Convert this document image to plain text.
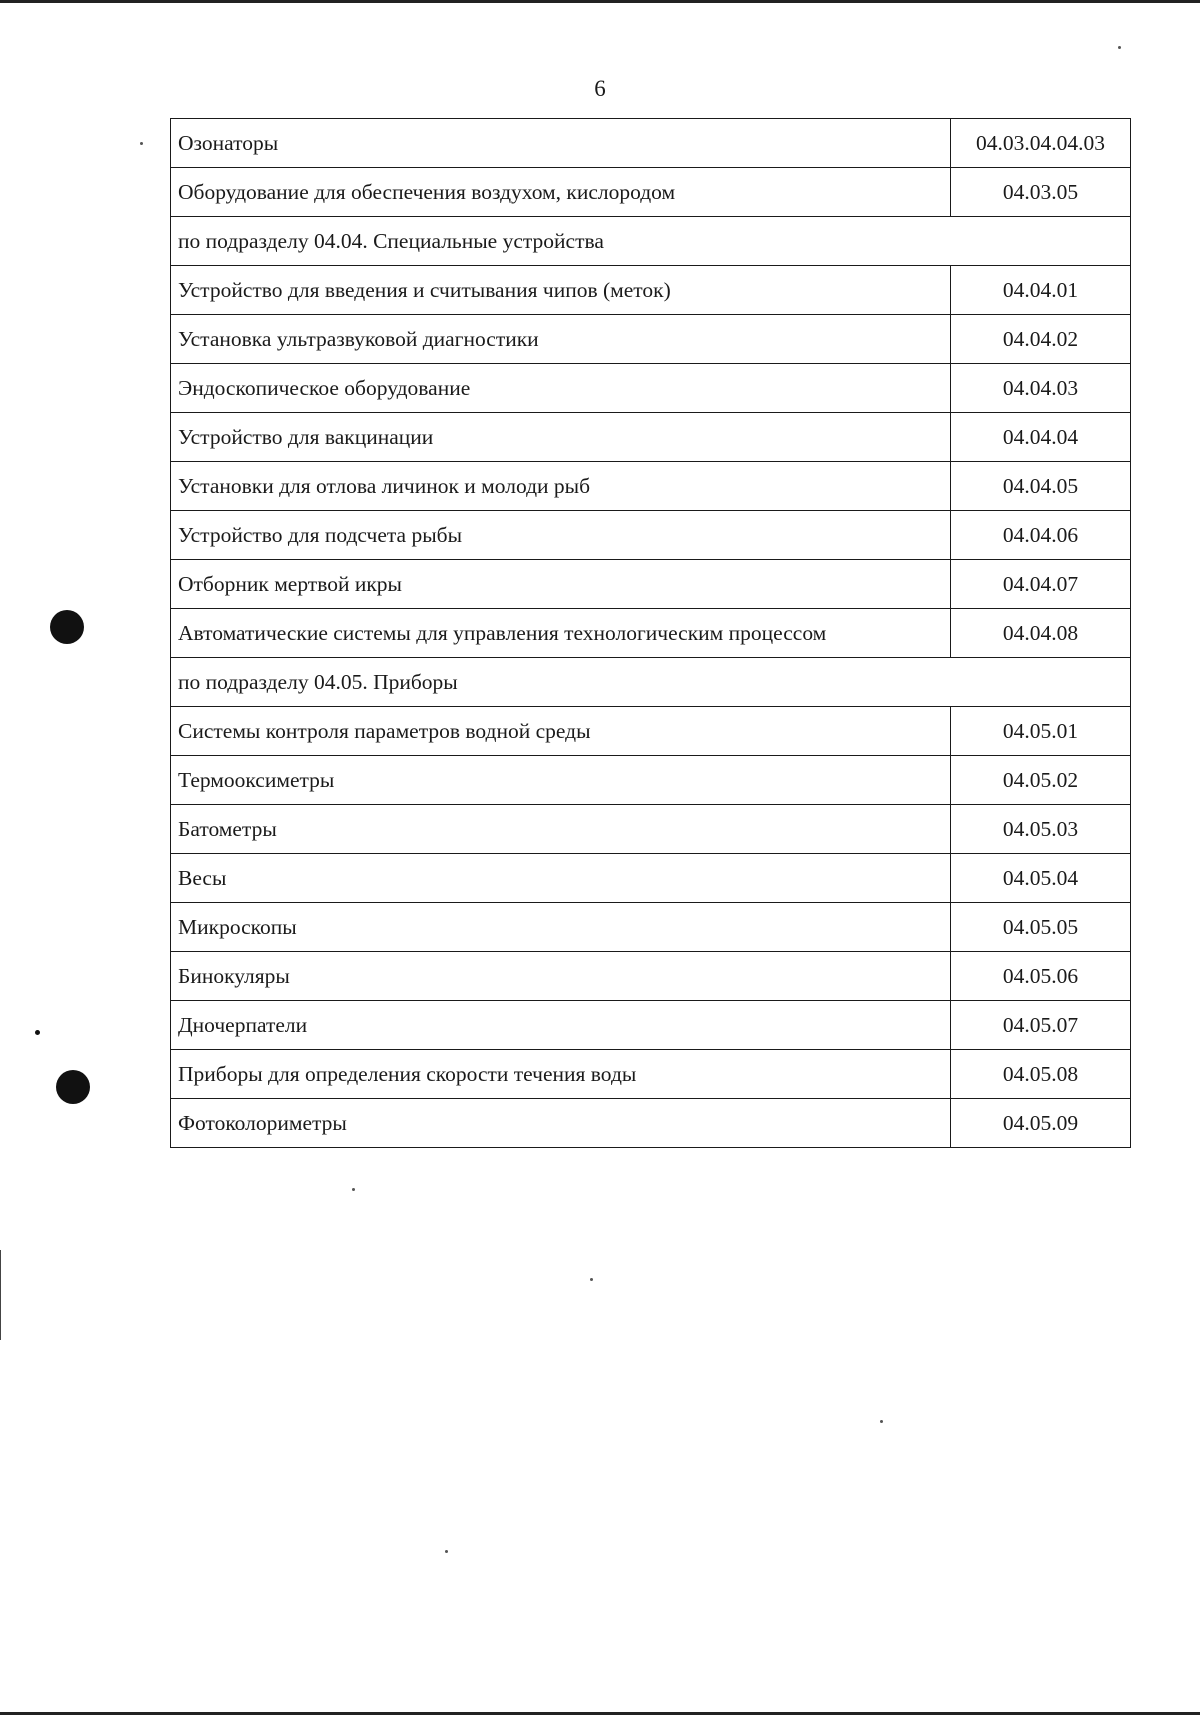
6
Озонаторы	04.03.04.04.03
Оборудование для обеспечения воздухом, кислородом	04.03.05
по подразделу 04.04. Специальные устройства	
Устройство для введения и считывания чипов (меток)	04.04.01
Установка ультразвуковой диагностики	04.04.02
Эндоскопическое оборудование	04.04.03
Устройство для вакцинации	04.04.04
Установки для отлова личинок и молоди рыб	04.04.05
Устройство для подсчета рыбы	04.04.06
Отборник мертвой икры	04.04.07
Автоматические системы для управления технологическим процессом	04.04.08
по подразделу 04.05. Приборы	
Системы контроля параметров водной среды	04.05.01
Термооксиметры	04.05.02
Батометры	04.05.03
Весы	04.05.04
Микроскопы	04.05.05
Бинокуляры	04.05.06
Дночерпатели	04.05.07
Приборы для определения скорости течения воды	04.05.08
Фотоколориметры	04.05.09
